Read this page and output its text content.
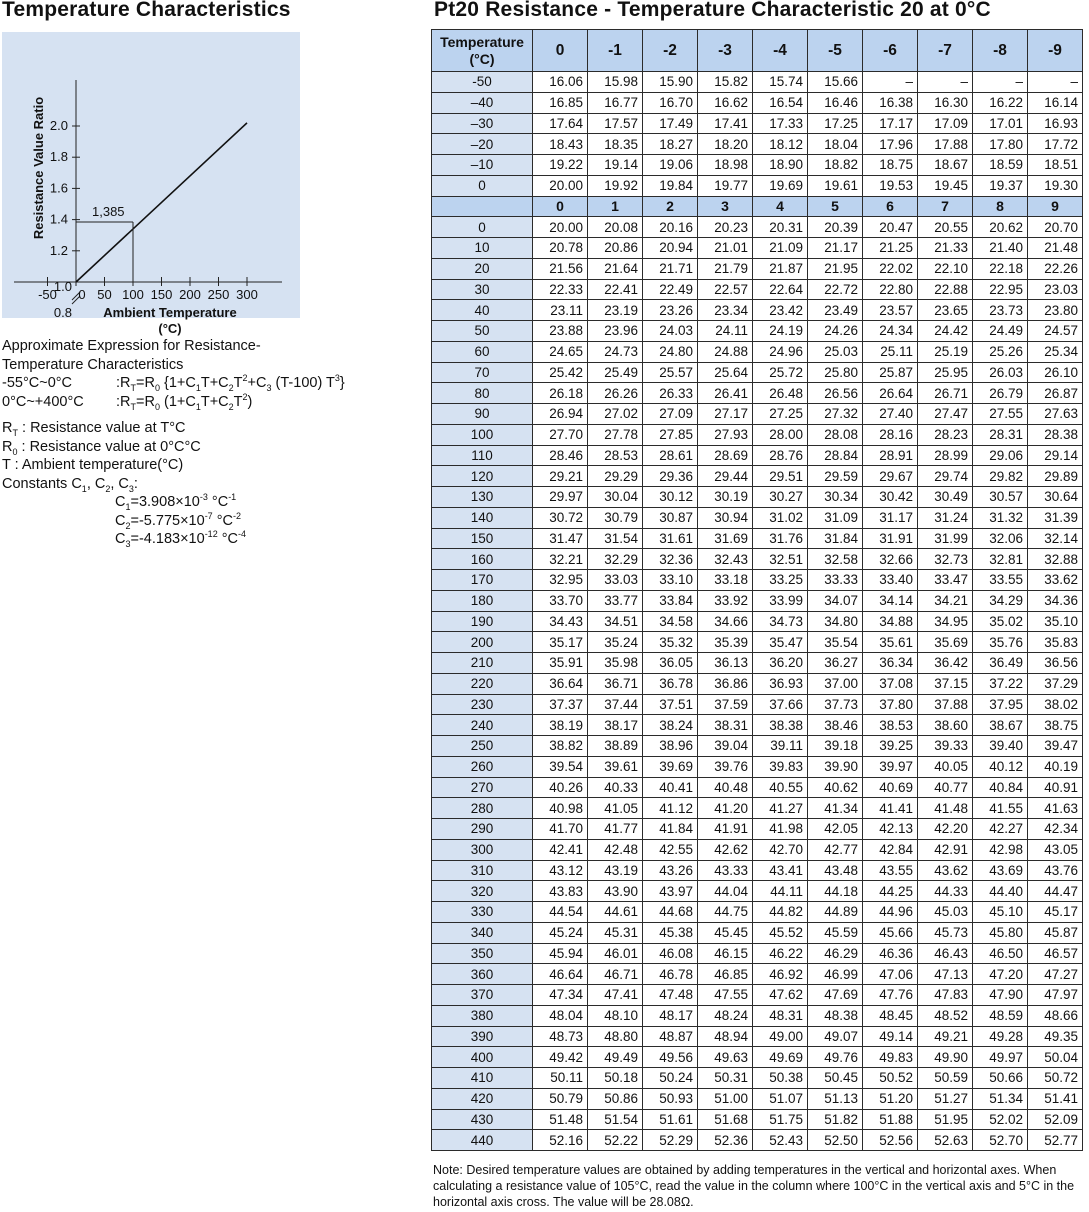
Temperature Characteristics	Pt20 Resistance - Temperature Characteristic 20 at 0°C
-50 0 50 100 150 200 250 300
0.8
1.0
1.2
1.4
1.6
1.8
2.0
1,385
Resistance Value Ratio
Ambient Temperature
(°C)
Approximate Expression for Resistance-
Temperature Characteristics
-55°C~0°C	$:R_T=R_0$ {$1+C_1T+C_2T^2+C_3$ (T-100) $T^3$}
0°C~+400°C $:R_T=R_0$ $(1+C_1T+C_2T^2)$
$R_T$ : Resistance value at T°C
$R_0$ : Resistance value at 0°C°C
T : Ambient temperature(°C)
Constants $C_1$, $C_2$, $C_3$:
$C_1=3.908\times 10^{-3}$ $^\circ C^{-1}$
$C_2=-5.775\times 10^{-7}$ $^\circ C^{-2}$
$C_3=-4.183\times 10^{-12}$ $^\circ C^{-4}$
Temperature (°C)	0	-1	-2	-3	-4	-5	-6	-7	-8	-9
-50	16.06	15.98	15.90	15.82	15.74	15.66	–	–	–	–
–40	16.85	16.77	16.70	16.62	16.54	16.46	16.38	16.30	16.22	16.14
–30	17.64	17.57	17.49	17.41	17.33	17.25	17.17	17.09	17.01	16.93
–20	18.43	18.35	18.27	18.20	18.12	18.04	17.96	17.88	17.80	17.72
–10	19.22	19.14	19.06	18.98	18.90	18.82	18.75	18.67	18.59	18.51
0	20.00	19.92	19.84	19.77	19.69	19.61	19.53	19.45	19.37	19.30
	0	1	2	3	4	5	6	7	8	9
0	20.00	20.08	20.16	20.23	20.31	20.39	20.47	20.55	20.62	20.70
10	20.78	20.86	20.94	21.01	21.09	21.17	21.25	21.33	21.40	21.48
20	21.56	21.64	21.71	21.79	21.87	21.95	22.02	22.10	22.18	22.26
30	22.33	22.41	22.49	22.57	22.64	22.72	22.80	22.88	22.95	23.03
40	23.11	23.19	23.26	23.34	23.42	23.49	23.57	23.65	23.73	23.80
50	23.88	23.96	24.03	24.11	24.19	24.26	24.34	24.42	24.49	24.57
60	24.65	24.73	24.80	24.88	24.96	25.03	25.11	25.19	25.26	25.34
70	25.42	25.49	25.57	25.64	25.72	25.80	25.87	25.95	26.03	26.10
80	26.18	26.26	26.33	26.41	26.48	26.56	26.64	26.71	26.79	26.87
90	26.94	27.02	27.09	27.17	27.25	27.32	27.40	27.47	27.55	27.63
100	27.70	27.78	27.85	27.93	28.00	28.08	28.16	28.23	28.31	28.38
110	28.46	28.53	28.61	28.69	28.76	28.84	28.91	28.99	29.06	29.14
120	29.21	29.29	29.36	29.44	29.51	29.59	29.67	29.74	29.82	29.89
130	29.97	30.04	30.12	30.19	30.27	30.34	30.42	30.49	30.57	30.64
140	30.72	30.79	30.87	30.94	31.02	31.09	31.17	31.24	31.32	31.39
150	31.47	31.54	31.61	31.69	31.76	31.84	31.91	31.99	32.06	32.14
160	32.21	32.29	32.36	32.43	32.51	32.58	32.66	32.73	32.81	32.88
170	32.95	33.03	33.10	33.18	33.25	33.33	33.40	33.47	33.55	33.62
180	33.70	33.77	33.84	33.92	33.99	34.07	34.14	34.21	34.29	34.36
190	34.43	34.51	34.58	34.66	34.73	34.80	34.88	34.95	35.02	35.10
200	35.17	35.24	35.32	35.39	35.47	35.54	35.61	35.69	35.76	35.83
210	35.91	35.98	36.05	36.13	36.20	36.27	36.34	36.42	36.49	36.56
220	36.64	36.71	36.78	36.86	36.93	37.00	37.08	37.15	37.22	37.29
230	37.37	37.44	37.51	37.59	37.66	37.73	37.80	37.88	37.95	38.02
240	38.19	38.17	38.24	38.31	38.38	38.46	38.53	38.60	38.67	38.75
250	38.82	38.89	38.96	39.04	39.11	39.18	39.25	39.33	39.40	39.47
260	39.54	39.61	39.69	39.76	39.83	39.90	39.97	40.05	40.12	40.19
270	40.26	40.33	40.41	40.48	40.55	40.62	40.69	40.77	40.84	40.91
280	40.98	41.05	41.12	41.20	41.27	41.34	41.41	41.48	41.55	41.63
290	41.70	41.77	41.84	41.91	41.98	42.05	42.13	42.20	42.27	42.34
300	42.41	42.48	42.55	42.62	42.70	42.77	42.84	42.91	42.98	43.05
310	43.12	43.19	43.26	43.33	43.41	43.48	43.55	43.62	43.69	43.76
320	43.83	43.90	43.97	44.04	44.11	44.18	44.25	44.33	44.40	44.47
330	44.54	44.61	44.68	44.75	44.82	44.89	44.96	45.03	45.10	45.17
340	45.24	45.31	45.38	45.45	45.52	45.59	45.66	45.73	45.80	45.87
350	45.94	46.01	46.08	46.15	46.22	46.29	46.36	46.43	46.50	46.57
360	46.64	46.71	46.78	46.85	46.92	46.99	47.06	47.13	47.20	47.27
370	47.34	47.41	47.48	47.55	47.62	47.69	47.76	47.83	47.90	47.97
380	48.04	48.10	48.17	48.24	48.31	48.38	48.45	48.52	48.59	48.66
390	48.73	48.80	48.87	48.94	49.00	49.07	49.14	49.21	49.28	49.35
400	49.42	49.49	49.56	49.63	49.69	49.76	49.83	49.90	49.97	50.04
410	50.11	50.18	50.24	50.31	50.38	50.45	50.52	50.59	50.66	50.72
420	50.79	50.86	50.93	51.00	51.07	51.13	51.20	51.27	51.34	51.41
430	51.48	51.54	51.61	51.68	51.75	51.82	51.88	51.95	52.02	52.09
440	52.16	52.22	52.29	52.36	52.43	52.50	52.56	52.63	52.70	52.77
Note: Desired temperature values are obtained by adding temperatures in the vertical and horizontal axes. When calculating a resistance value of 105°C, read the value in the column where 100°C in the vertical axis and 5°C in the horizontal axis cross. The value will be 28.08Ω.
